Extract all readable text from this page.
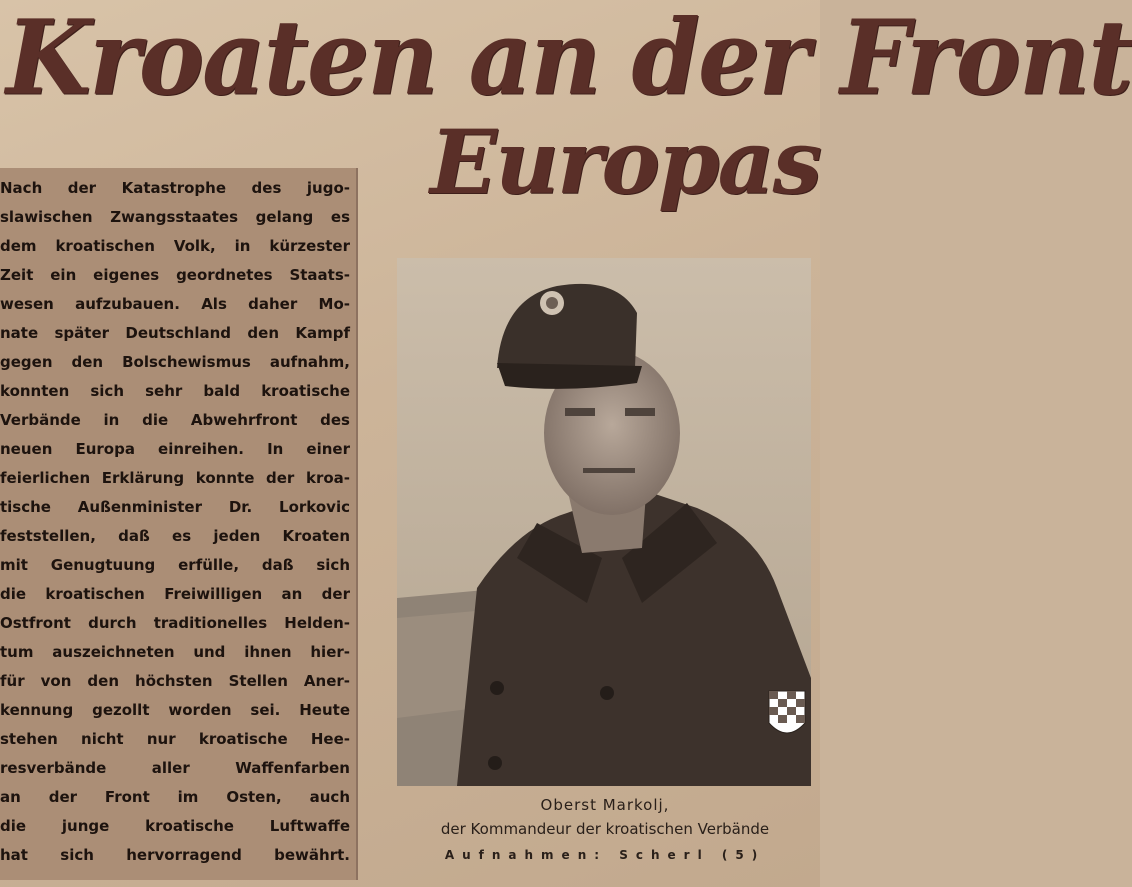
Kroaten an der Front
Europas
Nach der Katastrophe des jugo-
slawischen Zwangsstaates gelang es
dem kroatischen Volk, in kürzester
Zeit ein eigenes geordnetes Staats-
wesen aufzubauen. Als daher Mo-
nate später Deutschland den Kampf
gegen den Bolschewismus aufnahm,
konnten sich sehr bald kroatische
Verbände in die Abwehrfront des
neuen Europa einreihen. In einer
feierlichen Erklärung konnte der kroa-
tische Außenminister Dr. Lorkovic
feststellen, daß es jeden Kroaten
mit Genugtuung erfülle, daß sich
die kroatischen Freiwilligen an der
Ostfront durch traditionelles Helden-
tum auszeichneten und ihnen hier-
für von den höchsten Stellen Aner-
kennung gezollt worden sei. Heute
stehen nicht nur kroatische Hee-
resverbände aller Waffenfarben
an der Front im Osten, auch
die junge kroatische Luftwaffe
hat sich hervorragend bewährt.

Oberst Markolj,

der Kommandeur der kroatischen Verbände

Aufnahmen: Scherl (5)
